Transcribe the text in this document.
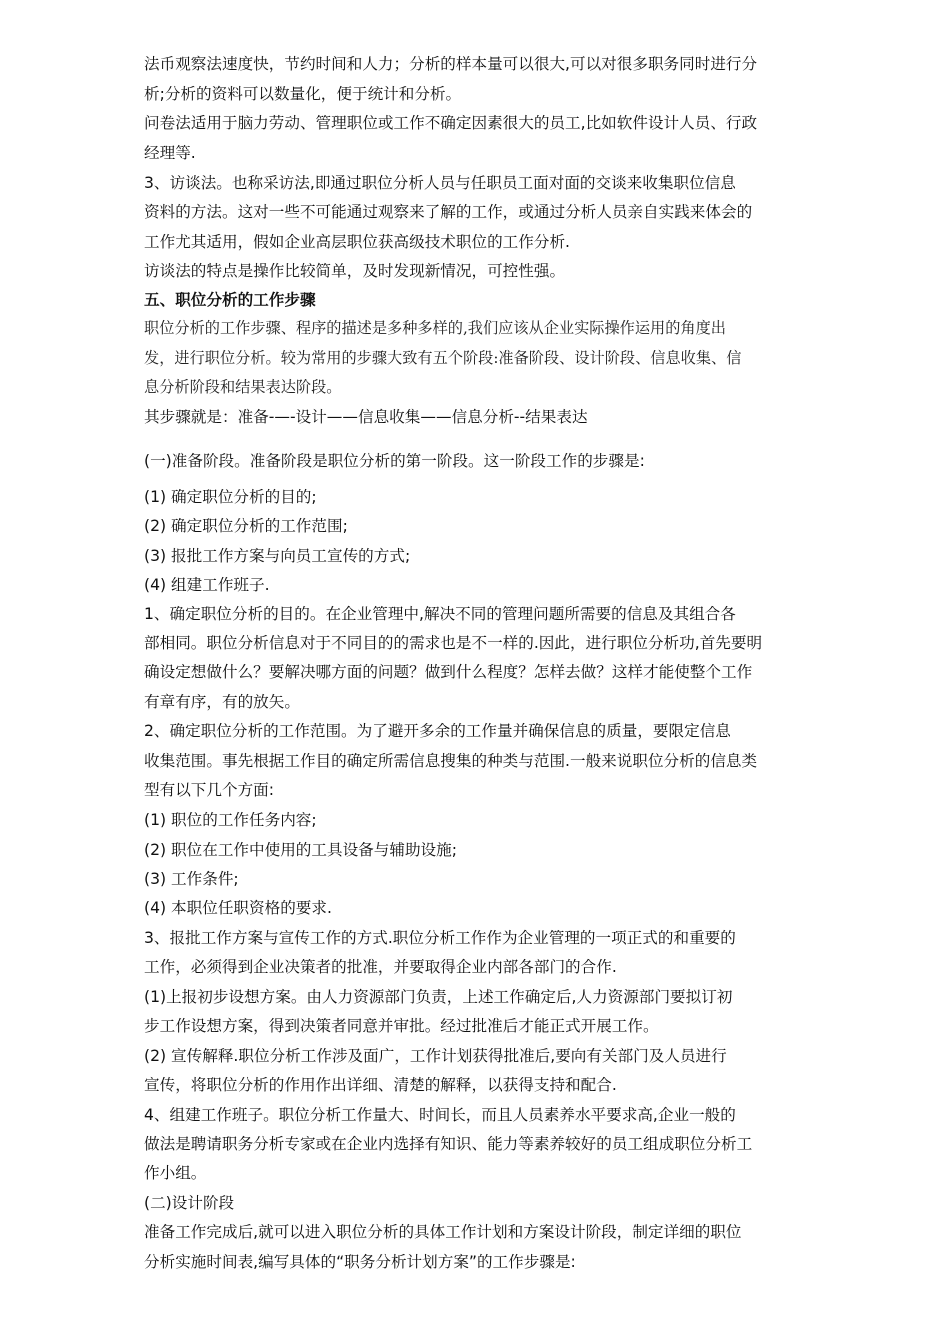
法币观察法速度快，节约时间和人力；分析的样本量可以很大,可以对很多职务同时进行分
析;分析的资料可以数量化，便于统计和分析。
问卷法适用于脑力劳动、管理职位或工作不确定因素很大的员工,比如软件设计人员、行政
经理等.
3、访谈法。也称采访法,即通过职位分析人员与任职员工面对面的交谈来收集职位信息
资料的方法。这对一些不可能通过观察来了解的工作，或通过分析人员亲自实践来体会的
工作尤其适用，假如企业高层职位获高级技术职位的工作分析.
访谈法的特点是操作比较简单，及时发现新情况，可控性强。
五、职位分析的工作步骤
职位分析的工作步骤、程序的描述是多种多样的,我们应该从企业实际操作运用的角度出
发，进行职位分析。较为常用的步骤大致有五个阶段:准备阶段、设计阶段、信息收集、信
息分析阶段和结果表达阶段。
其步骤就是：准备-—-设计——信息收集——信息分析--结果表达
(一)准备阶段。准备阶段是职位分析的第一阶段。这一阶段工作的步骤是:
(1) 确定职位分析的目的;
(2) 确定职位分析的工作范围;
(3) 报批工作方案与向员工宣传的方式;
(4) 组建工作班子.
1、确定职位分析的目的。在企业管理中,解决不同的管理问题所需要的信息及其组合各
部相同。职位分析信息对于不同目的的需求也是不一样的.因此，进行职位分析功,首先要明
确设定想做什么？要解决哪方面的问题？做到什么程度？怎样去做？这样才能使整个工作
有章有序，有的放矢。
2、确定职位分析的工作范围。为了避开多余的工作量并确保信息的质量，要限定信息
收集范围。事先根据工作目的确定所需信息搜集的种类与范围.一般来说职位分析的信息类
型有以下几个方面:
(1) 职位的工作任务内容;
(2) 职位在工作中使用的工具设备与辅助设施;
(3) 工作条件;
(4) 本职位任职资格的要求.
3、报批工作方案与宣传工作的方式.职位分析工作作为企业管理的一项正式的和重要的
工作，必须得到企业决策者的批准，并要取得企业内部各部门的合作.
(1)上报初步设想方案。由人力资源部门负责，上述工作确定后,人力资源部门要拟订初
步工作设想方案，得到决策者同意并审批。经过批准后才能正式开展工作。
(2) 宣传解释.职位分析工作涉及面广，工作计划获得批准后,要向有关部门及人员进行
宣传，将职位分析的作用作出详细、清楚的解释，以获得支持和配合.
4、组建工作班子。职位分析工作量大、时间长，而且人员素养水平要求高,企业一般的
做法是聘请职务分析专家或在企业内选择有知识、能力等素养较好的员工组成职位分析工
作小组。
(二)设计阶段
准备工作完成后,就可以进入职位分析的具体工作计划和方案设计阶段，制定详细的职位
分析实施时间表,编写具体的“职务分析计划方案”的工作步骤是:
